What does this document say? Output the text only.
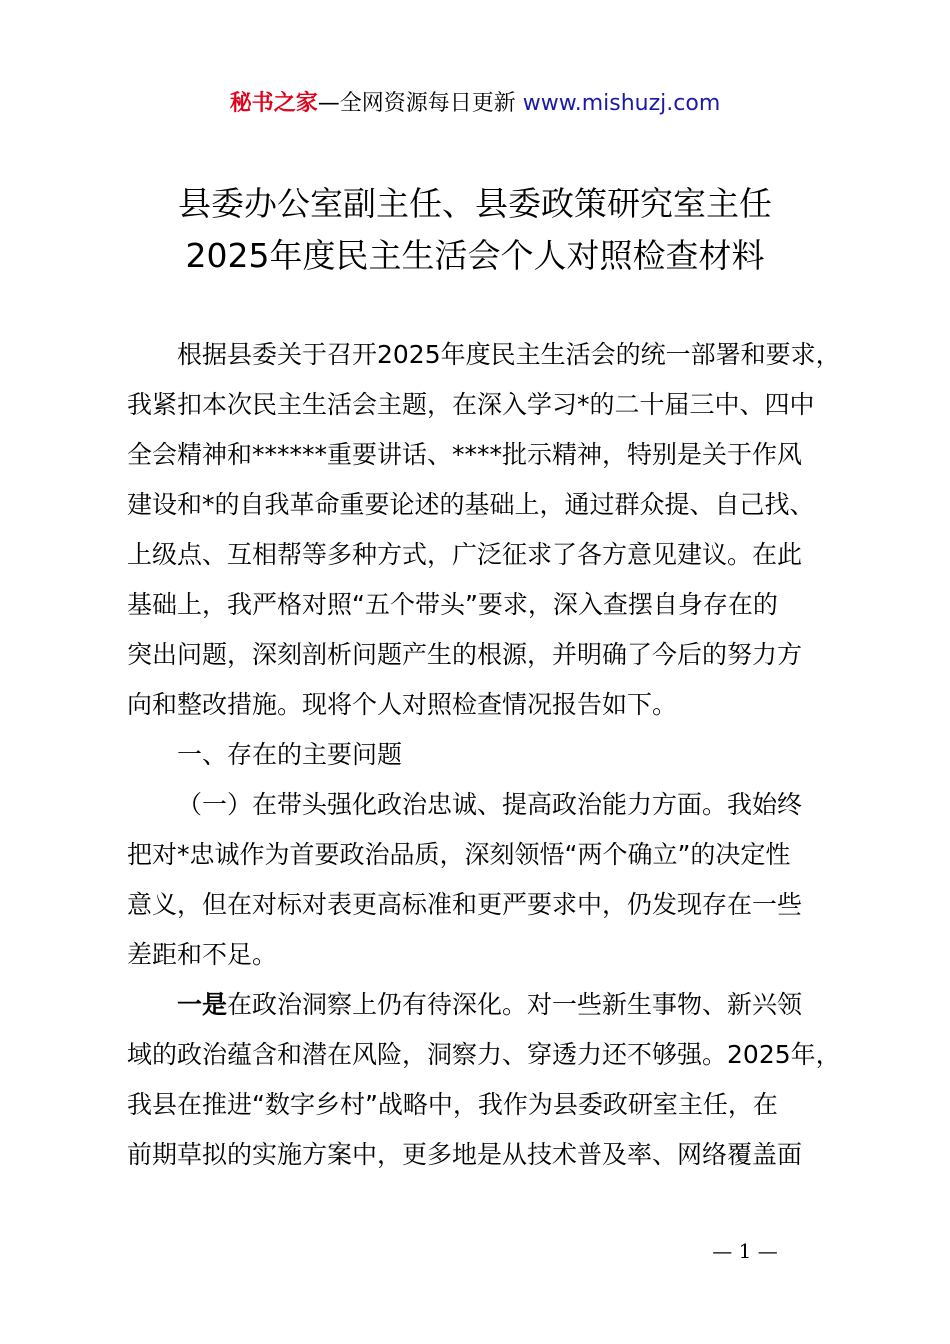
秘书之家—全网资源每日更新 www.mishuzj.com
县委办公室副主任、县委政策研究室主任
2025年度民主生活会个人对照检查材料
根据县委关于召开2025年度民主生活会的统一部署和要求，
我紧扣本次民主生活会主题，在深入学习*的二十届三中、四中
全会精神和******重要讲话、****批示精神，特别是关于作风
建设和*的自我革命重要论述的基础上，通过群众提、自己找、
上级点、互相帮等多种方式，广泛征求了各方意见建议。在此
基础上，我严格对照“五个带头”要求，深入查摆自身存在的
突出问题，深刻剖析问题产生的根源，并明确了今后的努力方
向和整改措施。现将个人对照检查情况报告如下。
一、存在的主要问题
（一）在带头强化政治忠诚、提高政治能力方面。我始终
把对*忠诚作为首要政治品质，深刻领悟“两个确立”的决定性
意义，但在对标对表更高标准和更严要求中，仍发现存在一些
差距和不足。
一是在政治洞察上仍有待深化。对一些新生事物、新兴领
域的政治蕴含和潜在风险，洞察力、穿透力还不够强。2025年，
我县在推进“数字乡村”战略中，我作为县委政研室主任，在
前期草拟的实施方案中，更多地是从技术普及率、网络覆盖面
— 1 —
